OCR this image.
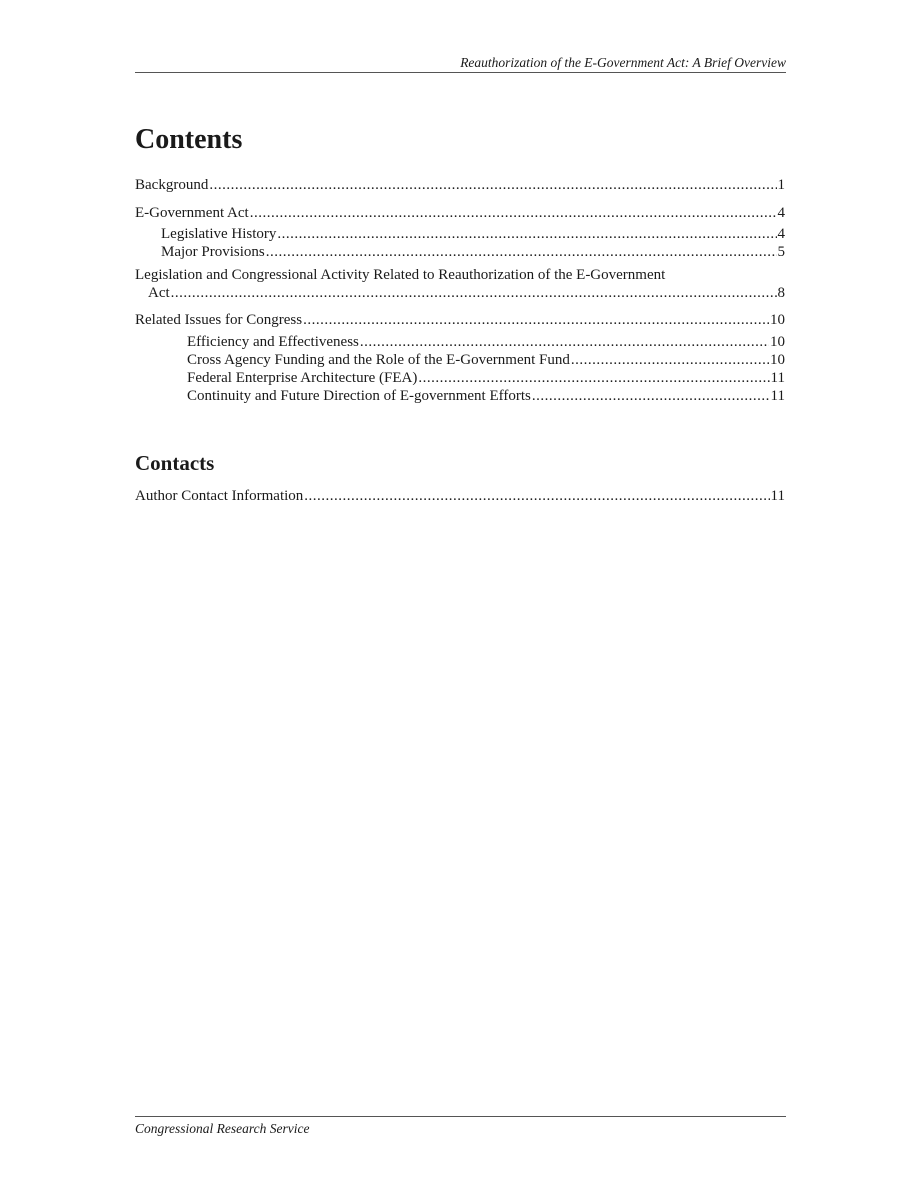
Reauthorization of the E-Government Act: A Brief Overview
Contents
Background .....	1
E-Government Act .....	4
Legislative History .....	4
Major Provisions .....	5
Legislation and Congressional Activity Related to Reauthorization of the E-Government
Act .....	8
Related Issues for Congress .....	10
Efficiency and Effectiveness .....	10
Cross Agency Funding and the Role of the E-Government Fund .....	10
Federal Enterprise Architecture (FEA) .....	11
Continuity and Future Direction of E-government Efforts .....	11
Contacts
Author Contact Information .....	11
Congressional Research Service
